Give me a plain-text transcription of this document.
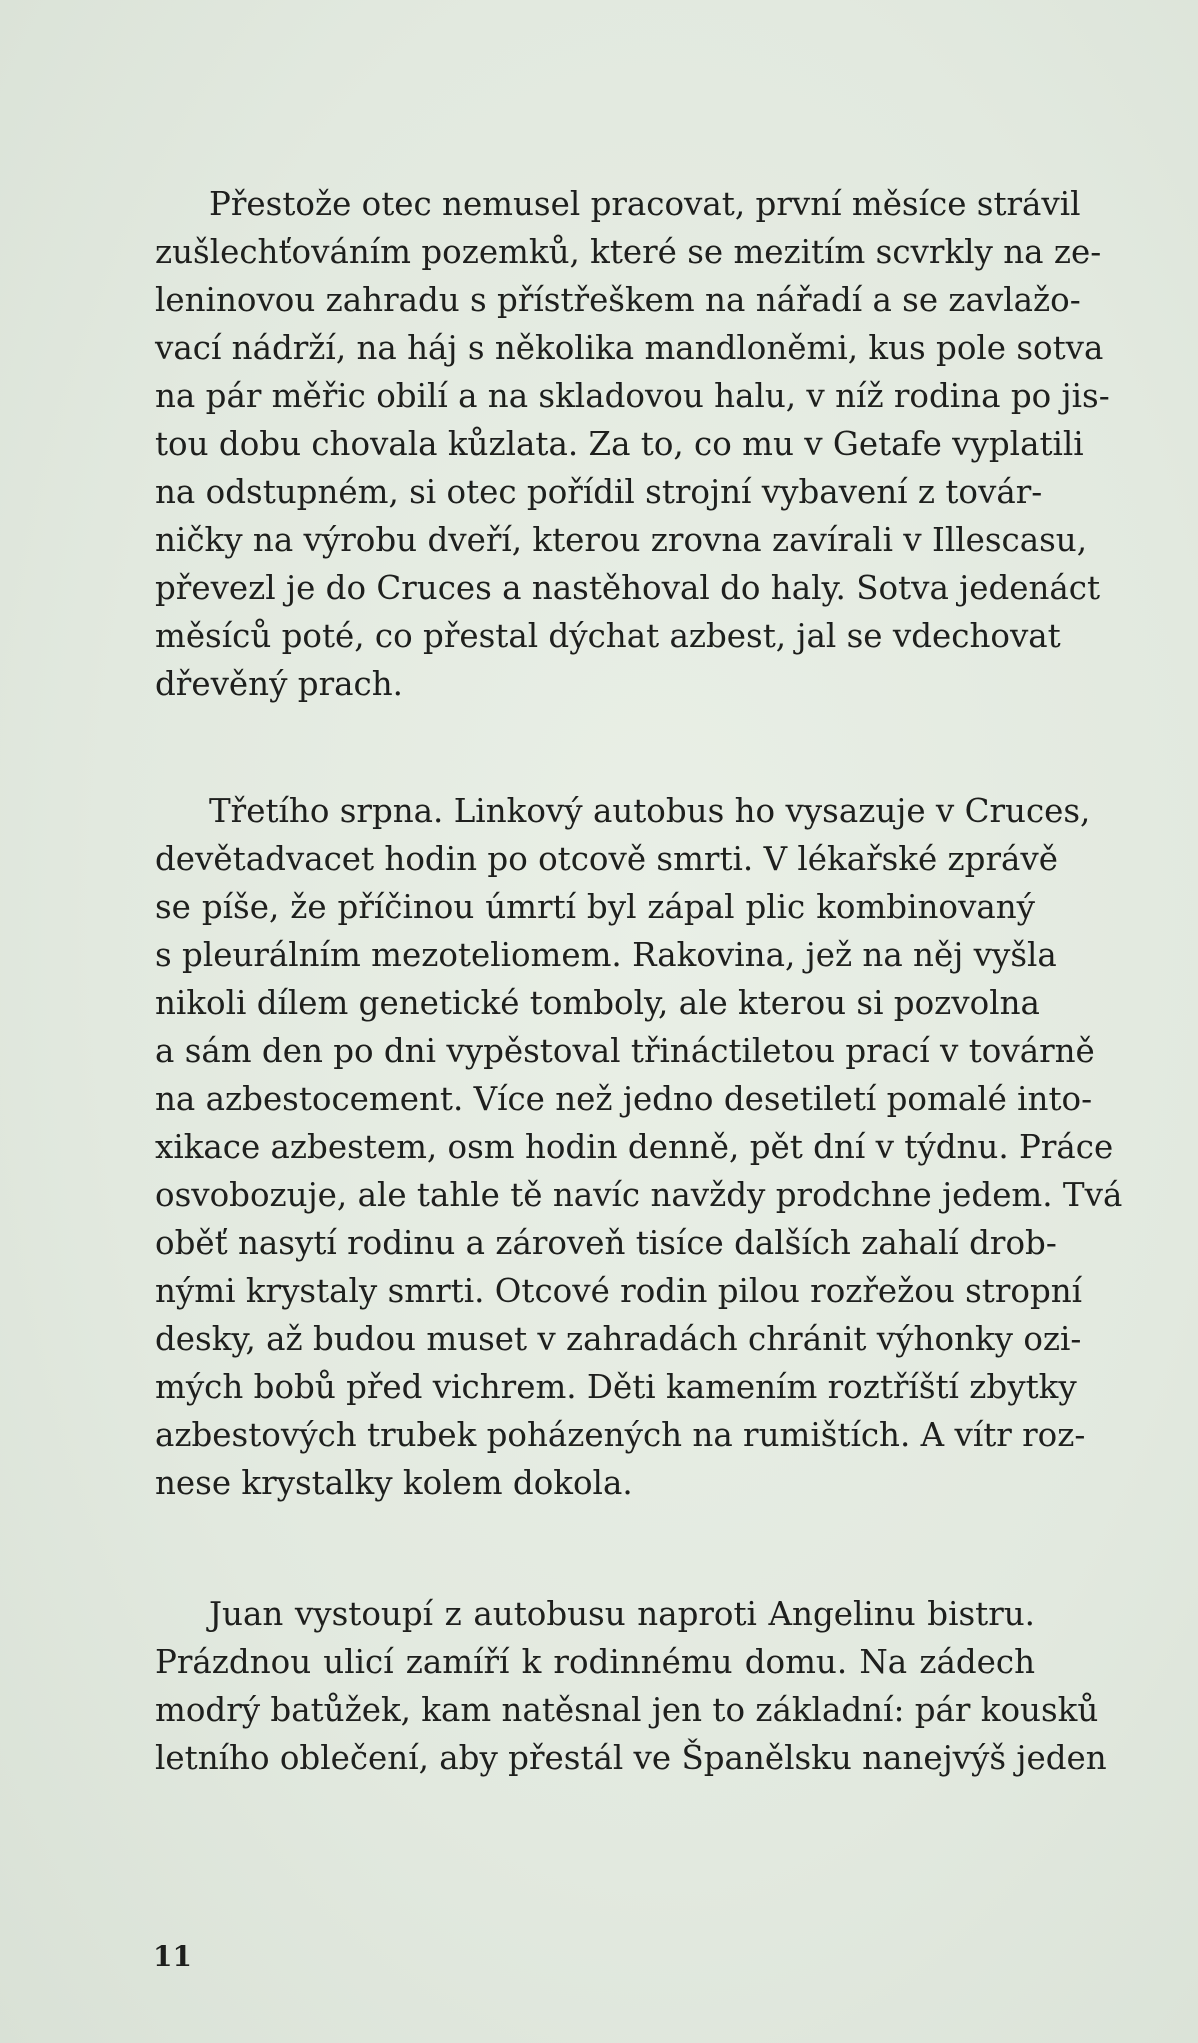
Přestože otec nemusel pracovat, první měsíce strávil
zušlechťováním pozemků, které se mezitím scvrkly na ze-
leninovou zahradu s přístřeškem na nářadí a se zavlažo-
vací nádrží, na háj s několika mandloněmi, kus pole sotva
na pár měřic obilí a na skladovou halu, v níž rodina po jis-
tou dobu chovala kůzlata. Za to, co mu v Getafe vyplatili
na odstupném, si otec pořídil strojní vybavení z továr-
ničky na výrobu dveří, kterou zrovna zavírali v Illescasu,
převezl je do Cruces a nastěhoval do haly. Sotva jedenáct
měsíců poté, co přestal dýchat azbest, jal se vdechovat
dřevěný prach.
Třetího srpna. Linkový autobus ho vysazuje v Cruces,
devětadvacet hodin po otcově smrti. V lékařské zprávě
se píše, že příčinou úmrtí byl zápal plic kombinovaný
s pleurálním mezoteliomem. Rakovina, jež na něj vyšla
nikoli dílem genetické tomboly, ale kterou si pozvolna
a sám den po dni vypěstoval třináctiletou prací v továrně
na azbestocement. Více než jedno desetiletí pomalé into-
xikace azbestem, osm hodin denně, pět dní v týdnu. Práce
osvobozuje, ale tahle tě navíc navždy prodchne jedem. Tvá
oběť nasytí rodinu a zároveň tisíce dalších zahalí drob-
nými krystaly smrti. Otcové rodin pilou rozřežou stropní
desky, až budou muset v zahradách chránit výhonky ozi-
mých bobů před vichrem. Děti kamením roztříští zbytky
azbestových trubek poházených na rumištích. A vítr roz-
nese krystalky kolem dokola.
Juan vystoupí z autobusu naproti Angelinu bistru.
Prázdnou ulicí zamíří k rodinnému domu. Na zádech
modrý batůžek, kam natěsnal jen to základní: pár kousků
letního oblečení, aby přestál ve Španělsku nanejvýš jeden
11
